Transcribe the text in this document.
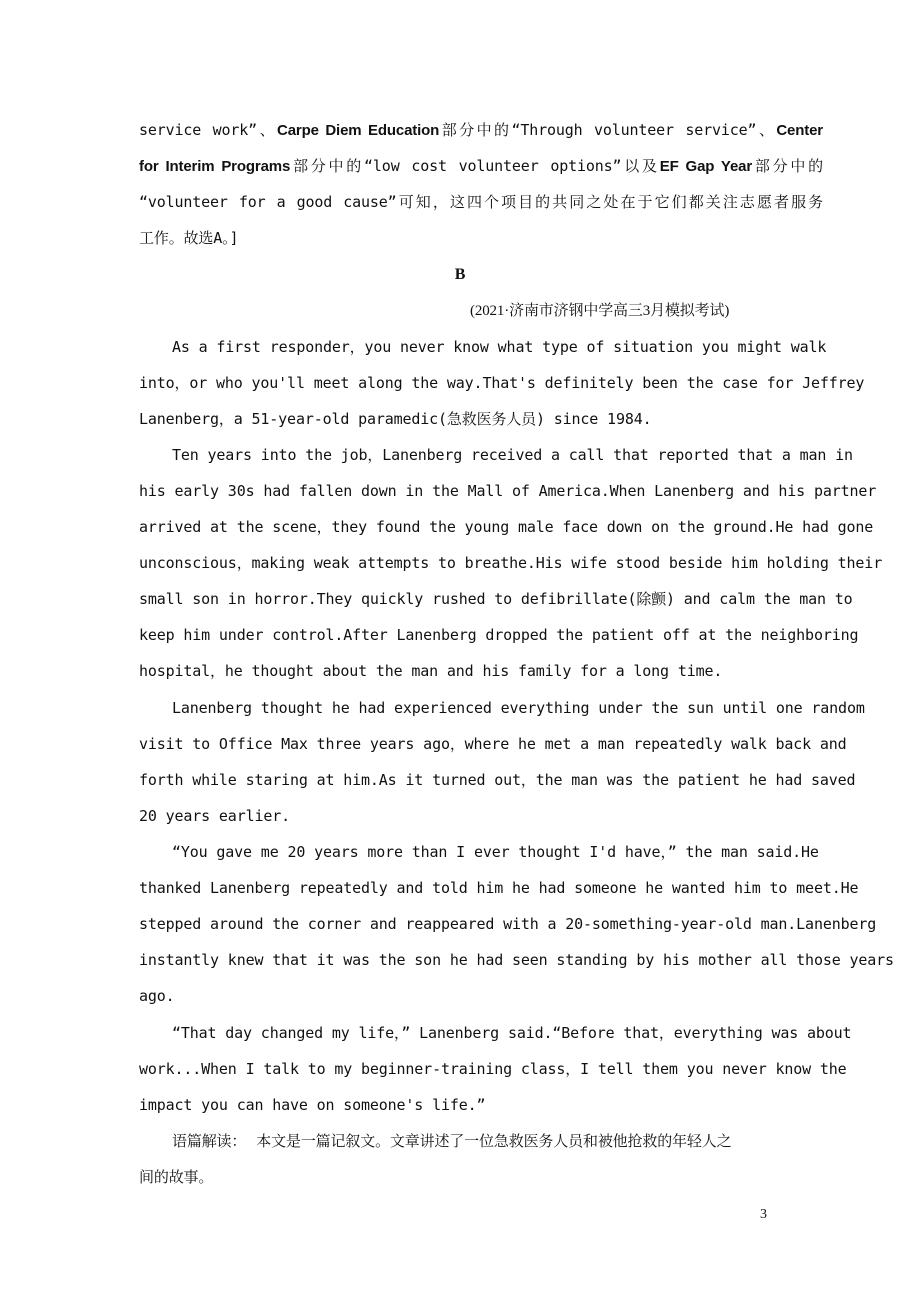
service work”、Carpe Diem Education部分中的“Through volunteer service”、Center
for Interim Programs部分中的“low cost volunteer options”以及EF Gap Year部分中的
“volunteer for a good cause”可知，这四个项目的共同之处在于它们都关注志愿者服务
工作。故选A。]
B
(2021·济南市济钢中学高三3月模拟考试)
As a first responder，you never know what type of situation you might walk
into，or who you'll meet along the way.That's definitely been the case for Jeffrey
Lanenberg，a 51-year-old paramedic(急救医务人员) since 1984.
Ten years into the job，Lanenberg received a call that reported that a man in
his early 30s had fallen down in the Mall of America.When Lanenberg and his partner
arrived at the scene，they found the young male face down on the ground.He had gone
unconscious，making weak attempts to breathe.His wife stood beside him holding their
small son in horror.They quickly rushed to defibrillate(除颤) and calm the man to
keep him under control.After Lanenberg dropped the patient off at the neighboring
hospital，he thought about the man and his family for a long time.
Lanenberg thought he had experienced everything under the sun until one random
visit to Office Max three years ago，where he met a man repeatedly walk back and
forth while staring at him.As it turned out，the man was the patient he had saved
20 years earlier.
“You gave me 20 years more than I ever thought I'd have，” the man said.He
thanked Lanenberg repeatedly and told him he had someone he wanted him to meet.He
stepped around the corner and reappeared with a 20-something-year-old man.Lanenberg
instantly knew that it was the son he had seen standing by his mother all those years
ago.
“That day changed my life，” Lanenberg said.“Before that，everything was about
work...When I talk to my beginner-training class，I tell them you never know the
impact you can have on someone's life.”
语篇解读： 本文是一篇记叙文。文章讲述了一位急救医务人员和被他抢救的年轻人之
间的故事。
3
